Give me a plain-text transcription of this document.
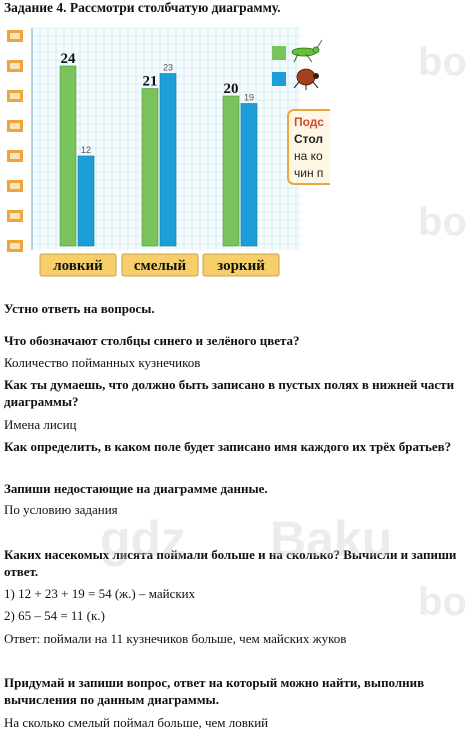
Задание 4. Рассмотри столбчатую диаграмму.
24
12
ловкий
21
23
смелый
20
19
зоркий
Подс
Стол
на ко
чин п
Устно ответь на вопросы.
Что обозначают столбцы синего и зелёного цвета?
Количество пойманных кузнечиков
Как ты думаешь, что должно быть записано в пустых полях в нижней части диаграммы?
Имена лисиц
Как определить, в каком поле будет записано имя каждого их трёх братьев?
Запиши недостающие на диаграмме данные.
По условию задания
Каких насекомых лисята поймали больше и на сколько? Вычисли и запиши ответ.
1) 12 + 23 + 19 = 54 (ж.) – майских
2) 65 – 54 = 11 (к.)
Ответ: поймали на 11 кузнечиков больше, чем майских жуков
Придумай и запиши вопрос, ответ на который можно найти, выполнив вычисления по данным диаграммы.
На сколько смелый поймал больше, чем ловкий
bo
bo
gdz Baku
bo
